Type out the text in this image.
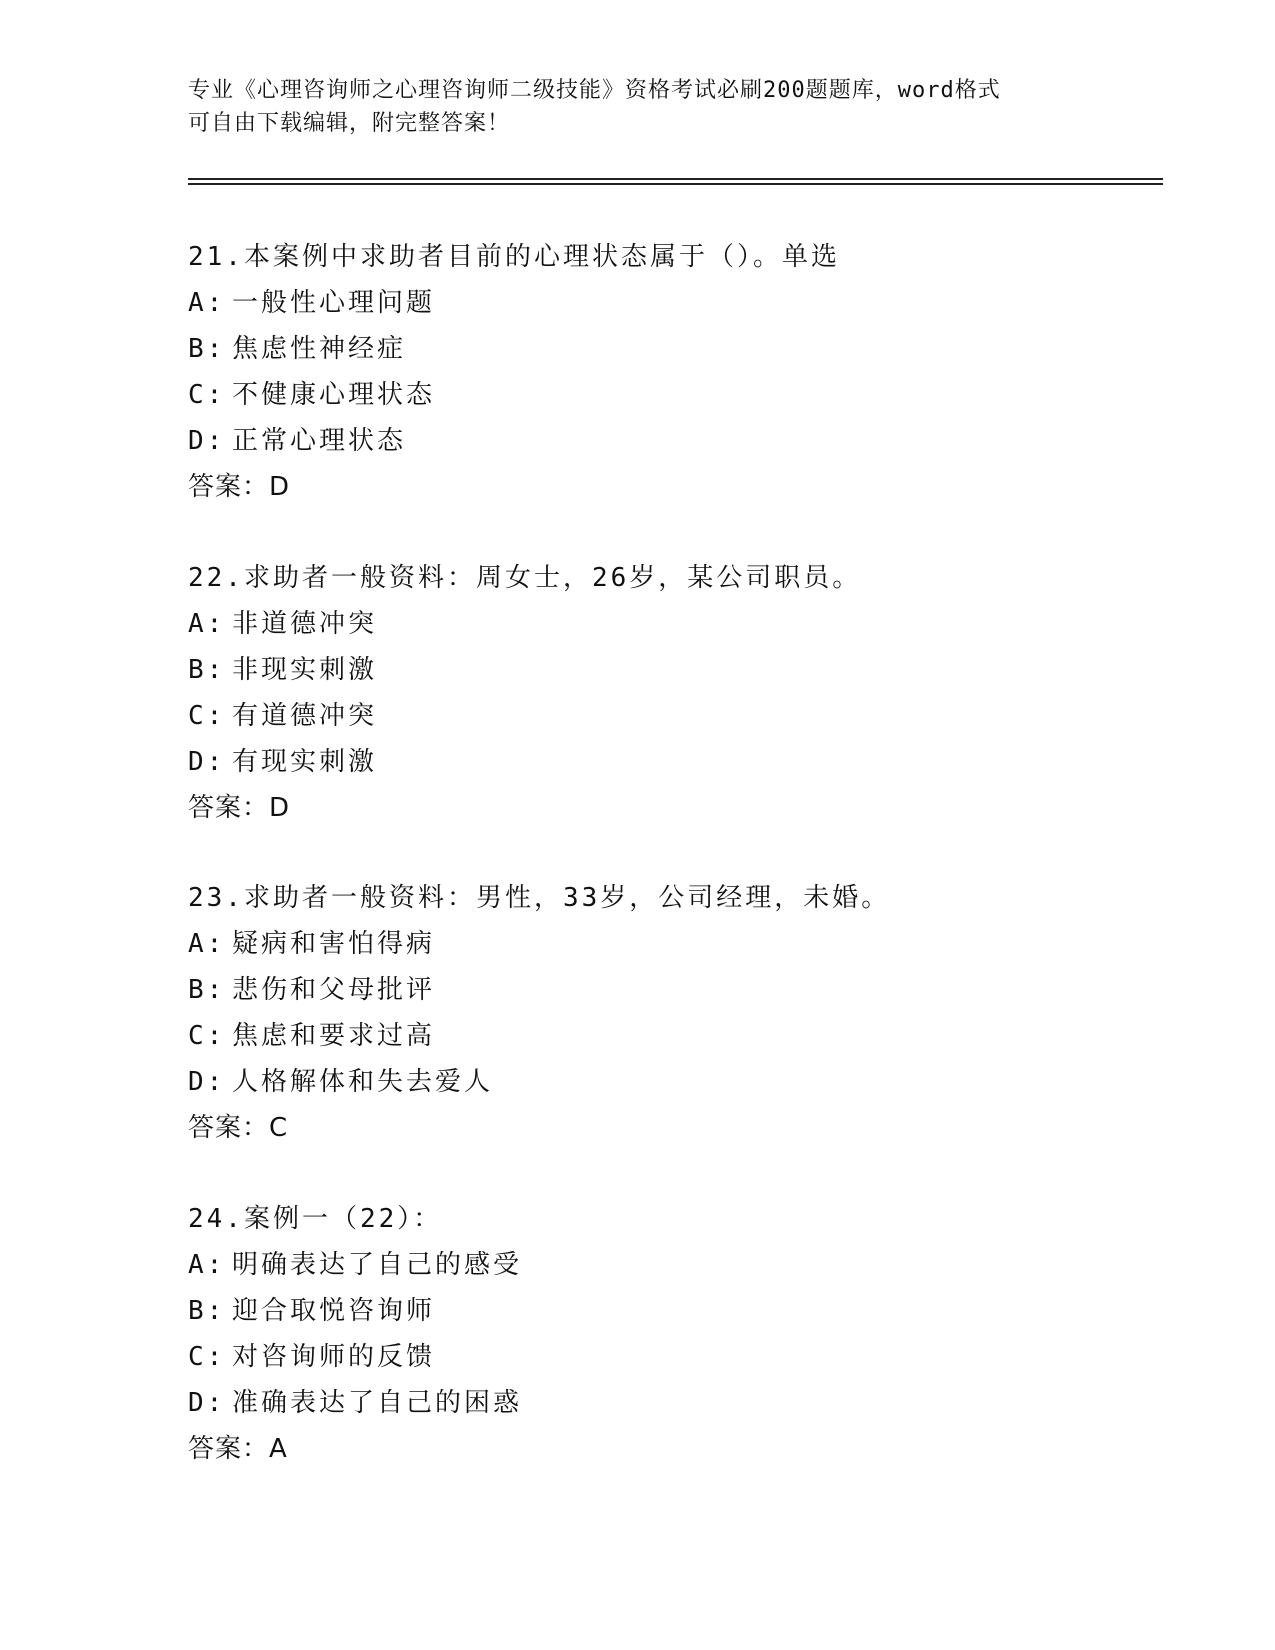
专业《心理咨询师之心理咨询师二级技能》资格考试必刷200题题库，word格式
可自由下载编辑，附完整答案！
21.本案例中求助者目前的心理状态属于（）。单选
A: 一般性心理问题
B: 焦虑性神经症
C: 不健康心理状态
D: 正常心理状态
答案：D
22.求助者一般资料：周女士，26岁，某公司职员。
A: 非道德冲突
B: 非现实刺激
C: 有道德冲突
D: 有现实刺激
答案：D
23.求助者一般资料：男性，33岁，公司经理，未婚。
A: 疑病和害怕得病
B: 悲伤和父母批评
C: 焦虑和要求过高
D: 人格解体和失去爱人
答案：C
24.案例一（22）：
A: 明确表达了自己的感受
B: 迎合取悦咨询师
C: 对咨询师的反馈
D: 准确表达了自己的困惑
答案：A
